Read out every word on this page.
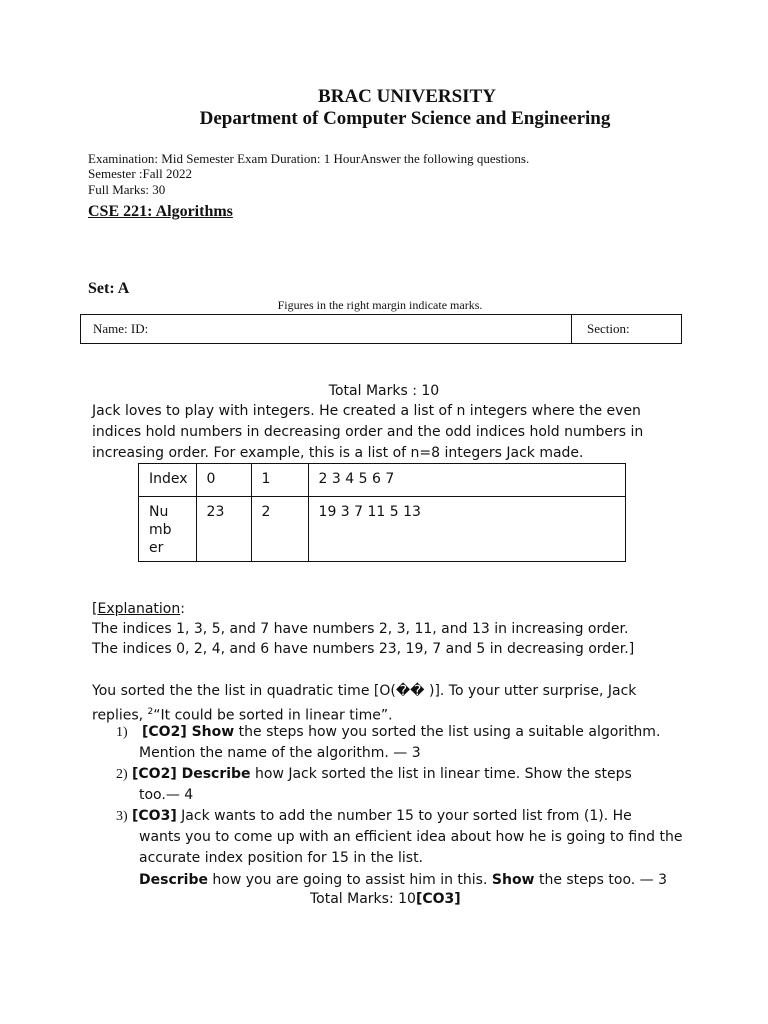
BRAC UNIVERSITY
Department of Computer Science and Engineering
Examination: Mid Semester Exam Duration: 1 HourAnswer the following questions.
Semester :Fall 2022
Full Marks: 30
CSE 221: Algorithms
Set: A
Figures in the right margin indicate marks.
Name: ID:	Section:
Total Marks : 10
Jack loves to play with integers. He created a list of n integers where the even
indices hold numbers in decreasing order and the odd indices hold numbers in
increasing order. For example, this is a list of n=8 integers Jack made.
Index	0	1	2 3 4 5 6 7

Nu
mb
er	23	2	19 3 7 11 5 13
[Explanation:
The indices 1, 3, 5, and 7 have numbers 2, 3, 11, and 13 in increasing order.
The indices 0, 2, 4, and 6 have numbers 23, 19, 7 and 5 in decreasing order.]
You sorted the the list in quadratic time [O(�� )]. To your utter surprise, Jack
replies, $^2$“It could be sorted in linear time”.
1) [CO2] Show the steps how you sorted the list using a suitable algorithm.
Mention the name of the algorithm. — 3
2) [CO2] Describe how Jack sorted the list in linear time. Show the steps
too.— 4
3) [CO3] Jack wants to add the number 15 to your sorted list from (1). He
wants you to come up with an efficient idea about how he is going to find the
accurate index position for 15 in the list.
Describe how you are going to assist him in this. Show the steps too. — 3
Total Marks: 10[CO3]
